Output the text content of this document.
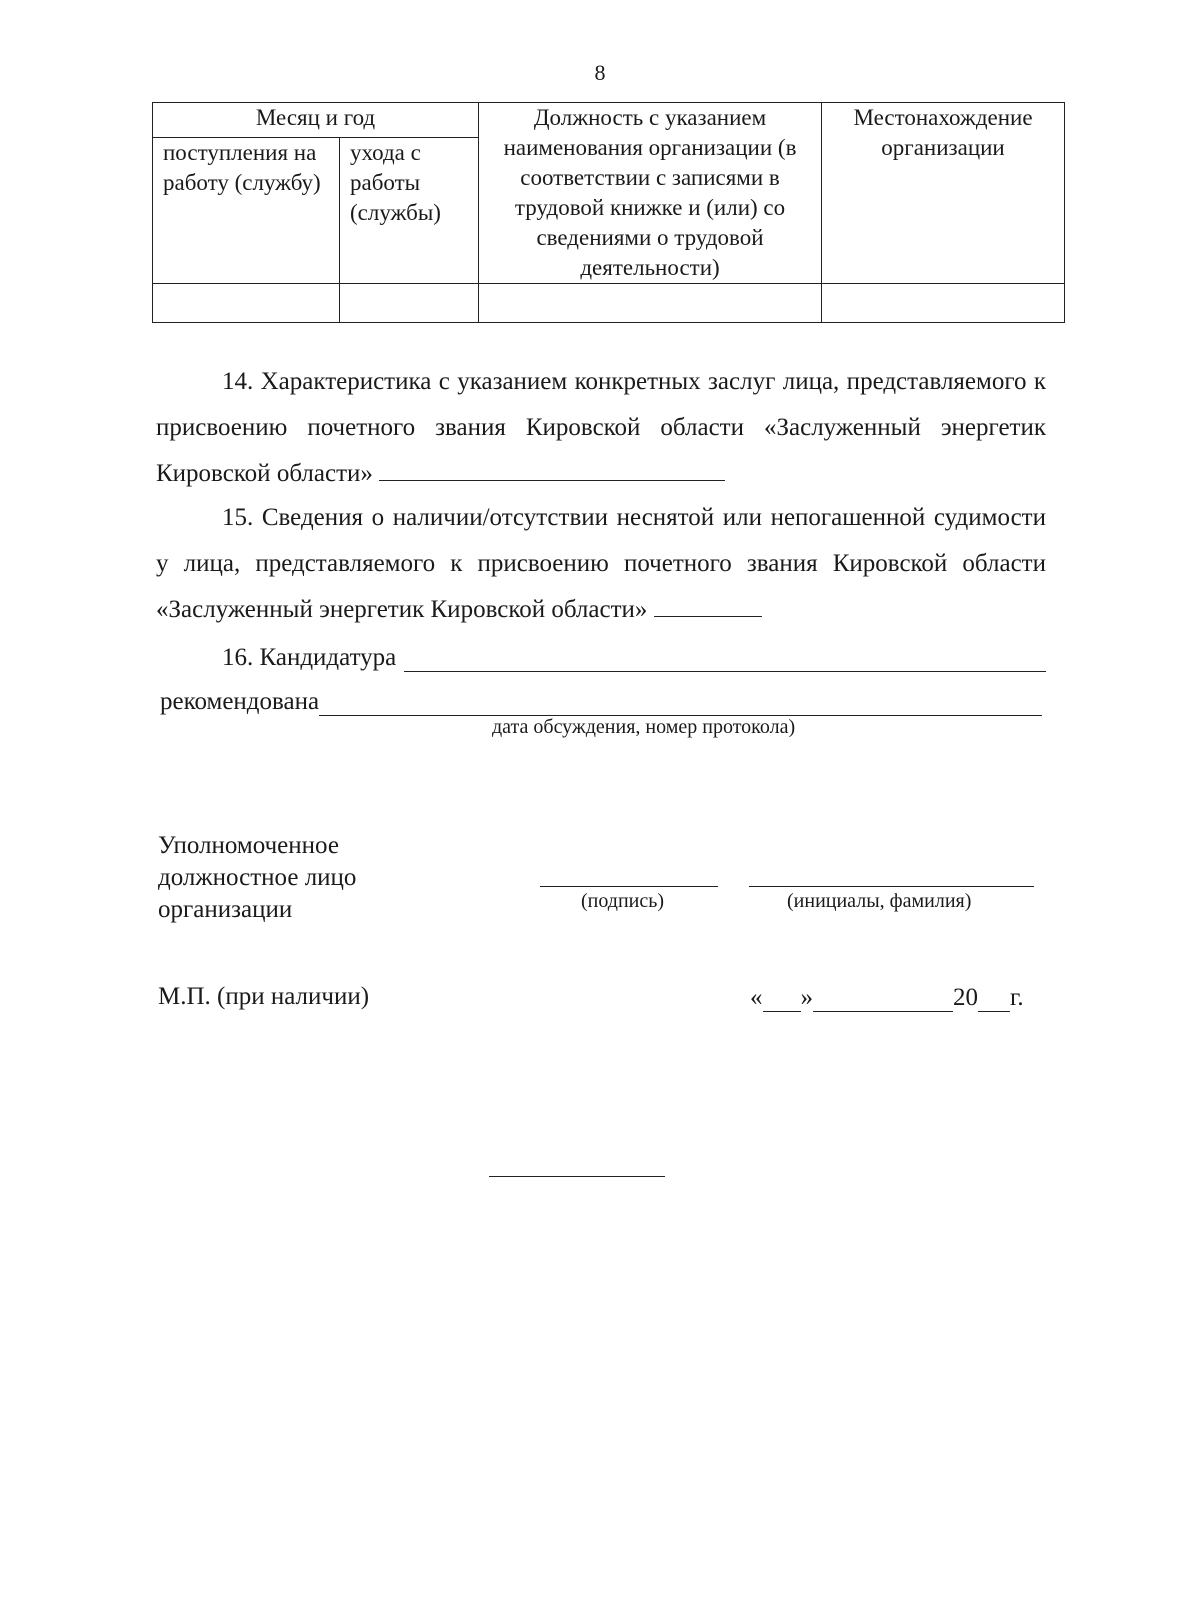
8
Месяц и год		Должность с указанием наименования организации (в соответствии с записями в трудовой книжке и (или) со сведениями о трудовой деятельности)	Местонахождение организации
поступления на работу (службу)	ухода с работы (службы)		

14. Характеристика с указанием конкретных заслуг лица, представляемого к присвоению почетного звания Кировской области «Заслуженный энергетик Кировской области»

15. Сведения о наличии/отсутствии неснятой или непогашенной судимости у лица, представляемого к присвоению почетного звания Кировской области «Заслуженный энергетик Кировской области»

16. Кандидатура
рекомендована
дата обсуждения, номер протокола)
Уполномоченное
должностное лицо
организации	(подпись)	(инициалы, фамилия)
М.П. (при наличии)	« »	20 г.
